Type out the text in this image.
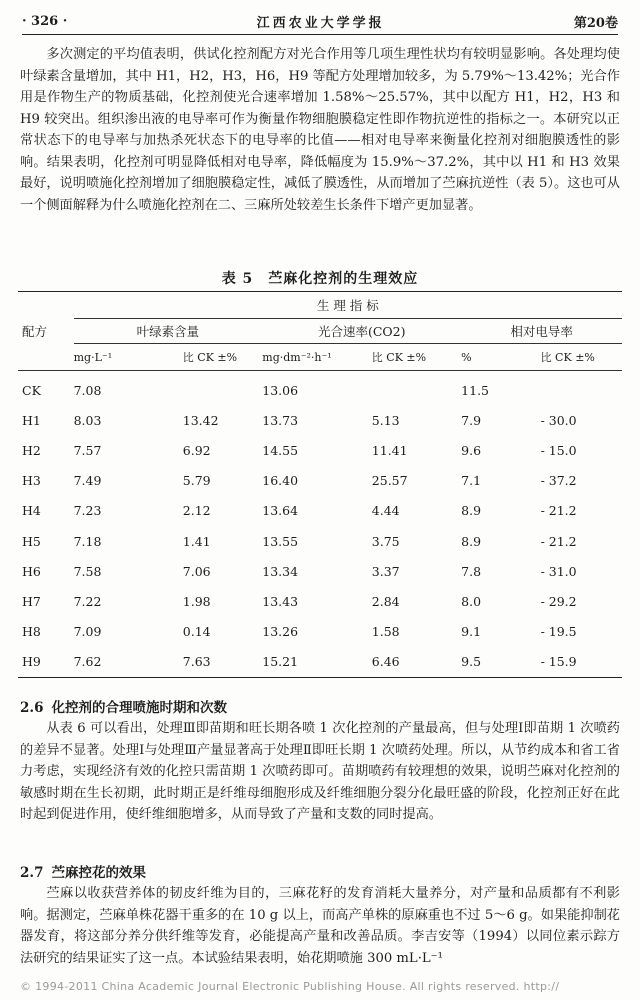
· 326 ·	江西农业大学学报	第20卷
多次测定的平均值表明，供试化控剂配方对光合作用等几项生理性状均有较明显影响。各处理均使叶绿素含量增加，其中 H1，H2，H3，H6，H9 等配方处理增加较多，为 5.79%～13.42%；光合作用是作物生产的物质基础，化控剂使光合速率增加 1.58%～25.57%，其中以配方 H1，H2，H3 和 H9 较突出。组织渗出液的电导率可作为衡量作物细胞膜稳定性即作物抗逆性的指标之一。本研究以正常状态下的电导率与加热杀死状态下的电导率的比值——相对电导率来衡量化控剂对细胞膜透性的影响。结果表明，化控剂可明显降低相对电导率，降低幅度为 15.9%～37.2%，其中以 H1 和 H3 效果最好，说明喷施化控剂增加了细胞膜稳定性，减低了膜透性，从而增加了苎麻抗逆性（表 5）。这也可从一个侧面解释为什么喷施化控剂在二、三麻所处较差生长条件下增产更加显著。
表 5　苎麻化控剂的生理效应
配方	生 理 指 标					
	叶绿素含量		光合速率(CO2)		相对电导率	
	mg·L⁻¹	比 CK ±%	mg·dm⁻²·h⁻¹	比 CK ±%	%	比 CK ±%
CK	7.08		13.06		11.5	
H1	8.03	13.42	13.73	5.13	7.9	- 30.0
H2	7.57	6.92	14.55	11.41	9.6	- 15.0
H3	7.49	5.79	16.40	25.57	7.1	- 37.2
H4	7.23	2.12	13.64	4.44	8.9	- 21.2
H5	7.18	1.41	13.55	3.75	8.9	- 21.2
H6	7.58	7.06	13.34	3.37	7.8	- 31.0
H7	7.22	1.98	13.43	2.84	8.0	- 29.2
H8	7.09	0.14	13.26	1.58	9.1	- 19.5
H9	7.62	7.63	15.21	6.46	9.5	- 15.9
2.6 化控剂的合理喷施时期和次数
从表 6 可以看出，处理Ⅲ即苗期和旺长期各喷 1 次化控剂的产量最高，但与处理Ⅰ即苗期 1 次喷药的差异不显著。处理Ⅰ与处理Ⅲ产量显著高于处理Ⅱ即旺长期 1 次喷药处理。所以，从节约成本和省工省力考虑，实现经济有效的化控只需苗期 1 次喷药即可。苗期喷药有较理想的效果，说明苎麻对化控剂的敏感时期在生长初期，此时期正是纤维母细胞形成及纤维细胞分裂分化最旺盛的阶段，化控剂正好在此时起到促进作用，使纤维细胞增多，从而导致了产量和支数的同时提高。
2.7 苎麻控花的效果
苎麻以收获营养体的韧皮纤维为目的，三麻花籽的发育消耗大量养分，对产量和品质都有不利影响。据测定，苎麻单株花器干重多的在 10 g 以上，而高产单株的原麻重也不过 5～6 g。如果能抑制花器发育，将这部分养分供纤维等发育，必能提高产量和改善品质。李吉安等（1994）以同位素示踪方法研究的结果证实了这一点。本试验结果表明，始花期喷施 300 mL·L⁻¹
© 1994-2011 China Academic Journal Electronic Publishing House. All rights reserved. http://
